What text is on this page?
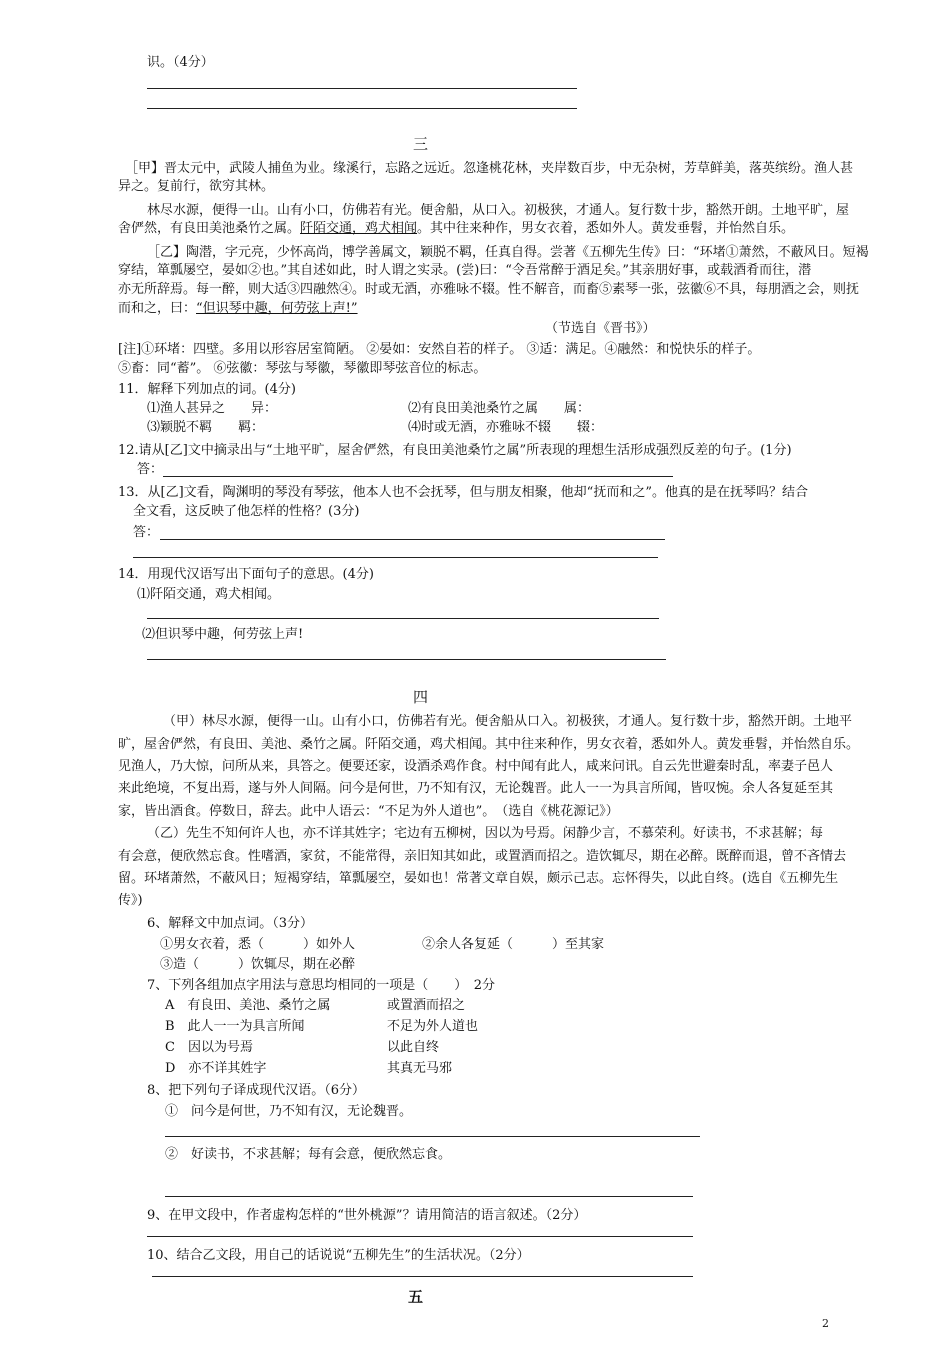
识。（4分）
三
［甲】晋太元中，武陵人捕鱼为业。缘溪行，忘路之远近。忽逢桃花林，夹岸数百步，中无杂树，芳草鲜美，落英缤纷。渔人甚
异之。复前行，欲穷其林。
林尽水源，便得一山。山有小口，仿佛若有光。便舍船，从口入。初极狭，才通人。复行数十步，豁然开朗。土地平旷，屋
舍俨然，有良田美池桑竹之属。阡陌交通，鸡犬相闻。其中往来种作，男女衣着，悉如外人。黄发垂髫，并怡然自乐。
［乙】陶潜，字元亮，少怀高尚，博学善属文，颖脱不羁，任真自得。尝著《五柳先生传》曰：“环堵①萧然，不蔽风日。短褐
穿结，箪瓢屡空，晏如②也。”其自述如此，时人谓之实录。(尝)曰：“令吾常醉于酒足矣。”其亲朋好事，或载酒肴而往，潜
亦无所辞焉。每一醉，则大适③四融然④。时或无酒，亦雅咏不辍。性不解音，而畜⑤素琴一张，弦徽⑥不具，每朋酒之会，则抚
而和之，曰：“但识琴中趣，何劳弦上声!”
（节选自《晋书》）
[注]①环堵：四壁。多用以形容居室简陋。 ②晏如：安然自若的样子。 ③适：满足。④融然：和悦快乐的样子。
⑤畜：同“蓄”。 ⑥弦徽：琴弦与琴徽，琴徽即琴弦音位的标志。
11．解释下列加点的词。(4分)
⑴渔人甚异之　　异：	⑵有良田美池桑竹之属　　属：
⑶颖脱不羁　　羁：	⑷时或无酒，亦雅咏不辍　　辍：
12.请从[乙]文中摘录出与“土地平旷，屋舍俨然，有良田美池桑竹之属”所表现的理想生活形成强烈反差的句子。(1分)
答：
13．从[乙]文看，陶渊明的琴没有琴弦，他本人也不会抚琴，但与朋友相聚，他却“抚而和之”。他真的是在抚琴吗？结合
全文看，这反映了他怎样的性格？(3分)
答：
14．用现代汉语写出下面句子的意思。(4分)
⑴阡陌交通，鸡犬相闻。
⑵但识琴中趣，何劳弦上声!
四
（甲）林尽水源，便得一山。山有小口，仿佛若有光。便舍船从口入。初极狭，才通人。复行数十步，豁然开朗。土地平
旷，屋舍俨然，有良田、美池、桑竹之属。阡陌交通，鸡犬相闻。其中往来种作，男女衣着，悉如外人。黄发垂髫，并怡然自乐。
见渔人，乃大惊，问所从来，具答之。便要还家，设酒杀鸡作食。村中闻有此人，咸来问讯。自云先世避秦时乱，率妻子邑人
来此绝境，不复出焉，遂与外人间隔。问今是何世，乃不知有汉，无论魏晋。此人一一为具言所闻，皆叹惋。余人各复延至其
家，皆出酒食。停数日，辞去。此中人语云：“不足为外人道也”。　（选自《桃花源记》）
（乙）先生不知何许人也，亦不详其姓字；宅边有五柳树，因以为号焉。闲静少言，不慕荣利。好读书，不求甚解；每
有会意，便欣然忘食。性嗜酒，家贫，不能常得，亲旧知其如此，或置酒而招之。造饮辄尽，期在必醉。既醉而退，曾不吝情去
留。环堵萧然，不蔽风日；短褐穿结，箪瓢屡空，晏如也！常著文章自娱，颇示己志。忘怀得失，以此自终。(选自《五柳先生
传》)
6、解释文中加点词。（3分）
①男女衣着，悉（　　　）如外人	②余人各复延（　　　）至其家
③造（　　　）饮辄尽，期在必醉
7、下列各组加点字用法与意思均相同的一项是（　　）　2分
A　有良田、美池、桑竹之属	或置酒而招之
B　此人一一为具言所闻	不足为外人道也
C　因以为号焉	以此自终
D　亦不详其姓字	其真无马邪
8、把下列句子译成现代汉语。（6分）
①　问今是何世，乃不知有汉，无论魏晋。
②　好读书，不求甚解；每有会意，便欣然忘食。
9、在甲文段中，作者虚构怎样的“世外桃源”？请用简洁的语言叙述。（2分）
10、结合乙文段，用自己的话说说“五柳先生”的生活状况。（2分）
五
2
